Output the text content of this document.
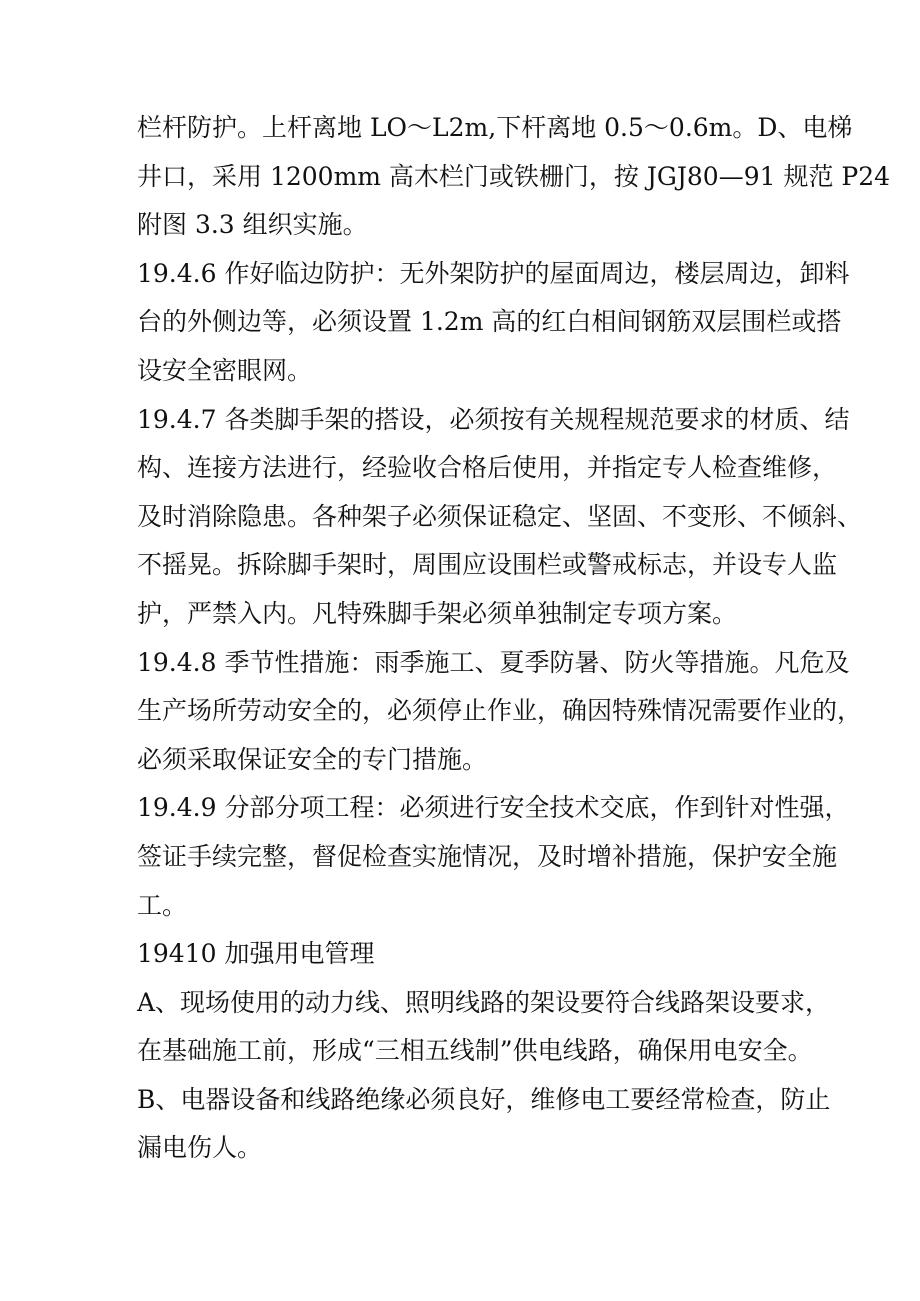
栏杆防护。上杆离地 LO～L2m,下杆离地 0.5～0.6m。D、电梯
井口，采用 1200mm 高木栏门或铁栅门，按 JGJ80—91 规范 P24
附图 3.3 组织实施。

19.4.6 作好临边防护：无外架防护的屋面周边，楼层周边，卸料
台的外侧边等，必须设置 1.2m 高的红白相间钢筋双层围栏或搭
设安全密眼网。

19.4.7 各类脚手架的搭设，必须按有关规程规范要求的材质、结
构、连接方法进行，经验收合格后使用，并指定专人检查维修，
及时消除隐患。各种架子必须保证稳定、坚固、不变形、不倾斜、
不摇晃。拆除脚手架时，周围应设围栏或警戒标志，并设专人监
护，严禁入内。凡特殊脚手架必须单独制定专项方案。

19.4.8 季节性措施：雨季施工、夏季防暑、防火等措施。凡危及
生产场所劳动安全的，必须停止作业，确因特殊情况需要作业的，
必须采取保证安全的专门措施。

19.4.9 分部分项工程：必须进行安全技术交底，作到针对性强，
签证手续完整，督促检查实施情况，及时增补措施，保护安全施
工。

19410 加强用电管理

A、现场使用的动力线、照明线路的架设要符合线路架设要求，
在基础施工前，形成“三相五线制”供电线路，确保用电安全。

B、电器设备和线路绝缘必须良好，维修电工要经常检查，防止
漏电伤人。
